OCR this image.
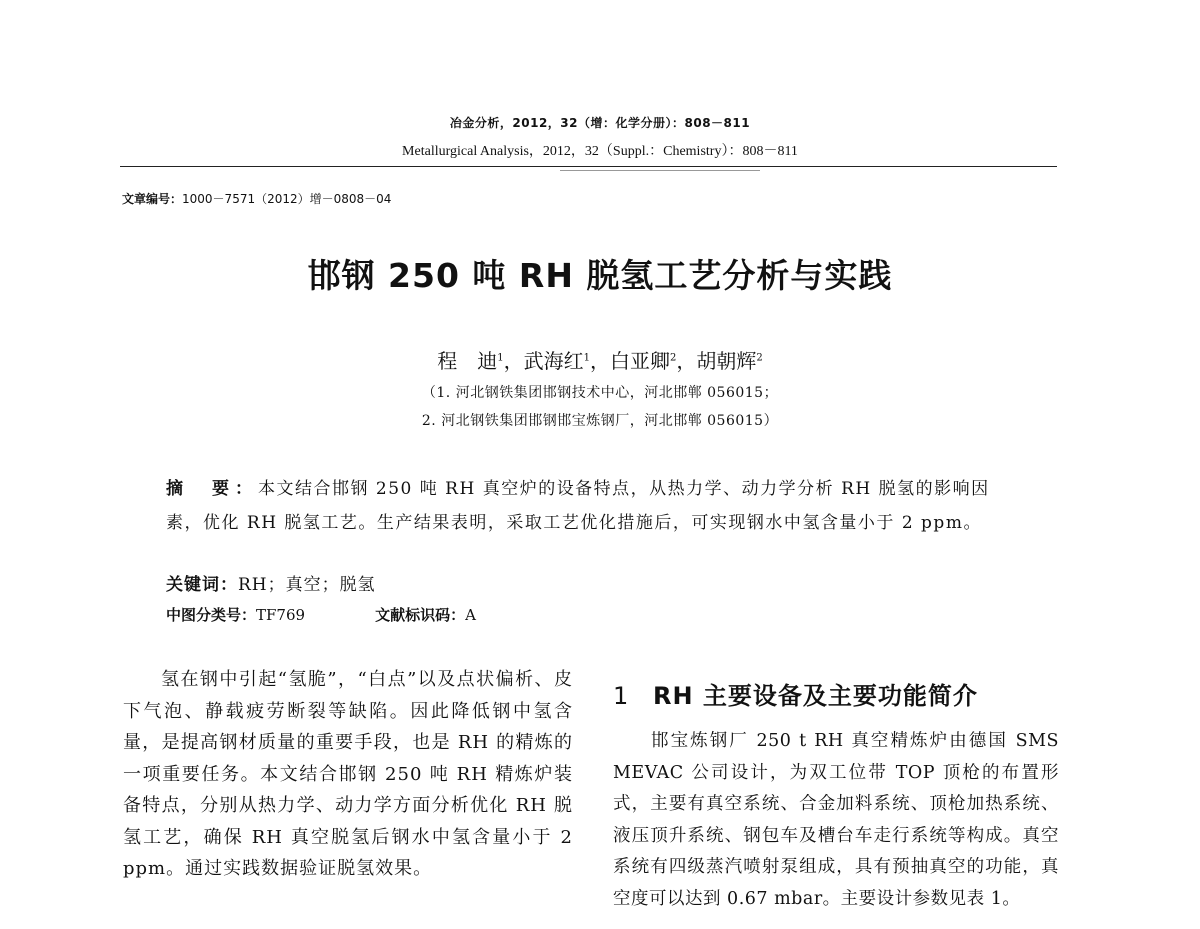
冶金分析，2012，32（增：化学分册）：808－811
Metallurgical Analysis，2012，32（Suppl.：Chemistry）：808－811
文章编号：1000－7571（2012）增－0808－04
邯钢 250 吨 RH 脱氢工艺分析与实践
程　迪$^1$，武海红$^1$，白亚卿$^2$，胡朝辉$^2$
（1. 河北钢铁集团邯钢技术中心，河北邯郸 056015；
2. 河北钢铁集团邯钢邯宝炼钢厂，河北邯郸 056015）
摘　要：本文结合邯钢 250 吨 RH 真空炉的设备特点，从热力学、动力学分析 RH 脱氢的影响因素，优化 RH 脱氢工艺。生产结果表明，采取工艺优化措施后，可实现钢水中氢含量小于 2 ppm。
关键词：RH；真空；脱氢
中图分类号：TF769	文献标识码：A

氢在钢中引起“氢脆”，“白点”以及点状偏析、皮下气泡、静载疲劳断裂等缺陷。因此降低钢中氢含量，是提高钢材质量的重要手段，也是 RH 的精炼的一项重要任务。本文结合邯钢 250 吨 RH 精炼炉装备特点，分别从热力学、动力学方面分析优化 RH 脱氢工艺，确保 RH 真空脱氢后钢水中氢含量小于 2 ppm。通过实践数据验证脱氢效果。

1 RH 主要设备及主要功能简介

邯宝炼钢厂 250 t RH 真空精炼炉由德国 SMS MEVAC 公司设计，为双工位带 TOP 顶枪的布置形式，主要有真空系统、合金加料系统、顶枪加热系统、液压顶升系统、钢包车及槽台车走行系统等构成。真空系统有四级蒸汽喷射泵组成，具有预抽真空的功能，真空度可以达到 0.67 mbar。主要设计参数见表 1。
